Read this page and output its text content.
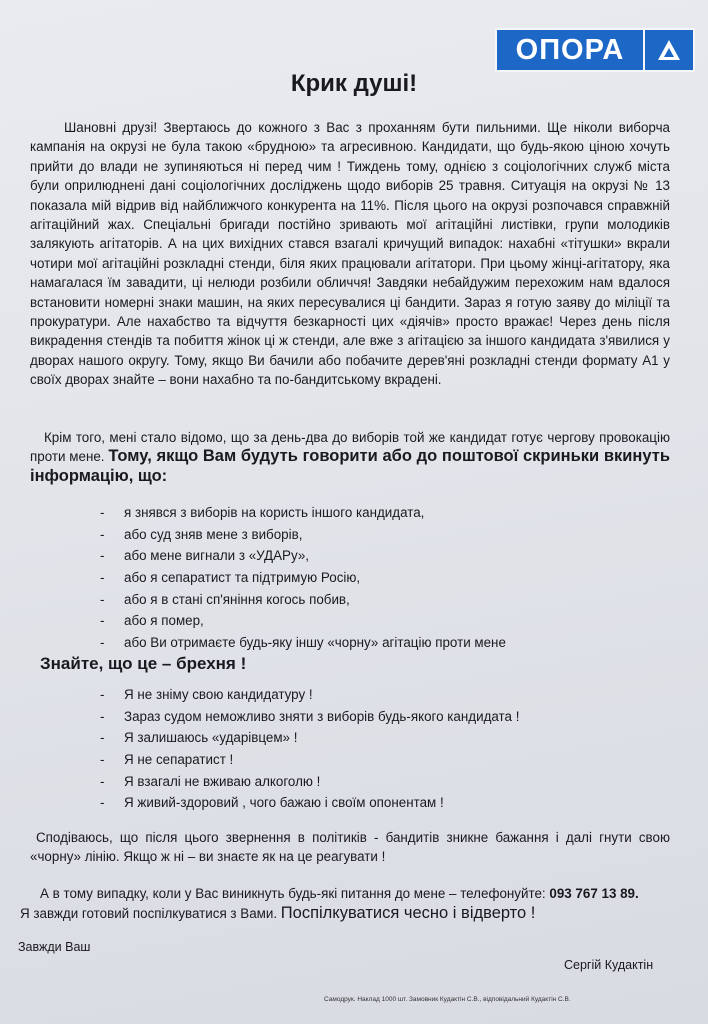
ОПОРА
Крик душі!

Шановні друзі! Звертаюсь до кожного з Вас з проханням бути пильними. Ще ніколи виборча кампанія на окрузі не була такою «брудною» та агресивною. Кандидати, що будь-якою ціною хочуть прийти до влади не зупиняються ні перед чим ! Тиждень тому, однією з соціологічних служб міста були оприлюднені дані соціологічних досліджень щодо виборів 25 травня. Ситуація на окрузі № 13 показала мій відрив від найближчого конкурента на 11%. Після цього на окрузі розпочався справжній агітаційний жах. Спеціальні бригади постійно зривають мої агітаційні листівки, групи молодиків залякують агітаторів. А на цих вихідних стався взагалі кричущий випадок: нахабні «тітушки» вкрали чотири мої агітаційні розкладні стенди, біля яких працювали агітатори. При цьому жінці-агітатору, яка намагалася їм завадити, ці нелюди розбили обличчя! Завдяки небайдужим перехожим нам вдалося встановити номерні знаки машин, на яких пересувалися ці бандити. Зараз я готую заяву до міліції та прокуратури. Але нахабство та відчуття безкарності цих «діячів» просто вражає! Через день після викрадення стендів та побиття жінок ці ж стенди, але вже з агітацією за іншого кандидата з'явилися у дворах нашого округу. Тому, якщо Ви бачили або побачите дерев'яні розкладні стенди формату А1 у своїх дворах знайте – вони нахабно та по-бандитському вкрадені.

Крім того, мені стало відомо, що за день-два до виборів той же кандидат готує чергову провокацію проти мене. Тому, якщо Вам будуть говорити або до поштової скриньки вкинуть інформацію, що:

-	я знявся з виборів на користь іншого кандидата,
-	або суд зняв мене з виборів,
-	або мене вигнали з «УДАРу»,
-	або я сепаратист та підтримую Росію,
-	або я в стані сп'яніння когось побив,
-	або я помер,
-	або Ви отримаєте будь-яку іншу «чорну» агітацію проти мене
Знайте, що це – брехня !
-	Я не зніму свою кандидатуру !
-	Зараз судом неможливо зняти з виборів будь-якого кандидата !
-	Я залишаюсь «ударівцем» !
-	Я не сепаратист !
-	Я взагалі не вживаю алкоголю !
-	Я живий-здоровий , чого бажаю і своїм опонентам !

Сподіваюсь, що після цього звернення в політиків - бандитів зникне бажання і далі гнути свою «чорну» лінію. Якщо ж ні – ви знаєте як на це реагувати !

А в тому випадку, коли у Вас виникнуть будь-які питання до мене – телефонуйте: 093 767 13 89.

Я завжди готовий поспілкуватися з Вами. Поспілкуватися чесно і відверто !
Завжди Ваш
Сергій Кудактін
Самодрук. Наклад 1000 шт. Замовник Кудактін С.В., відповідальний Кудактін С.В.
